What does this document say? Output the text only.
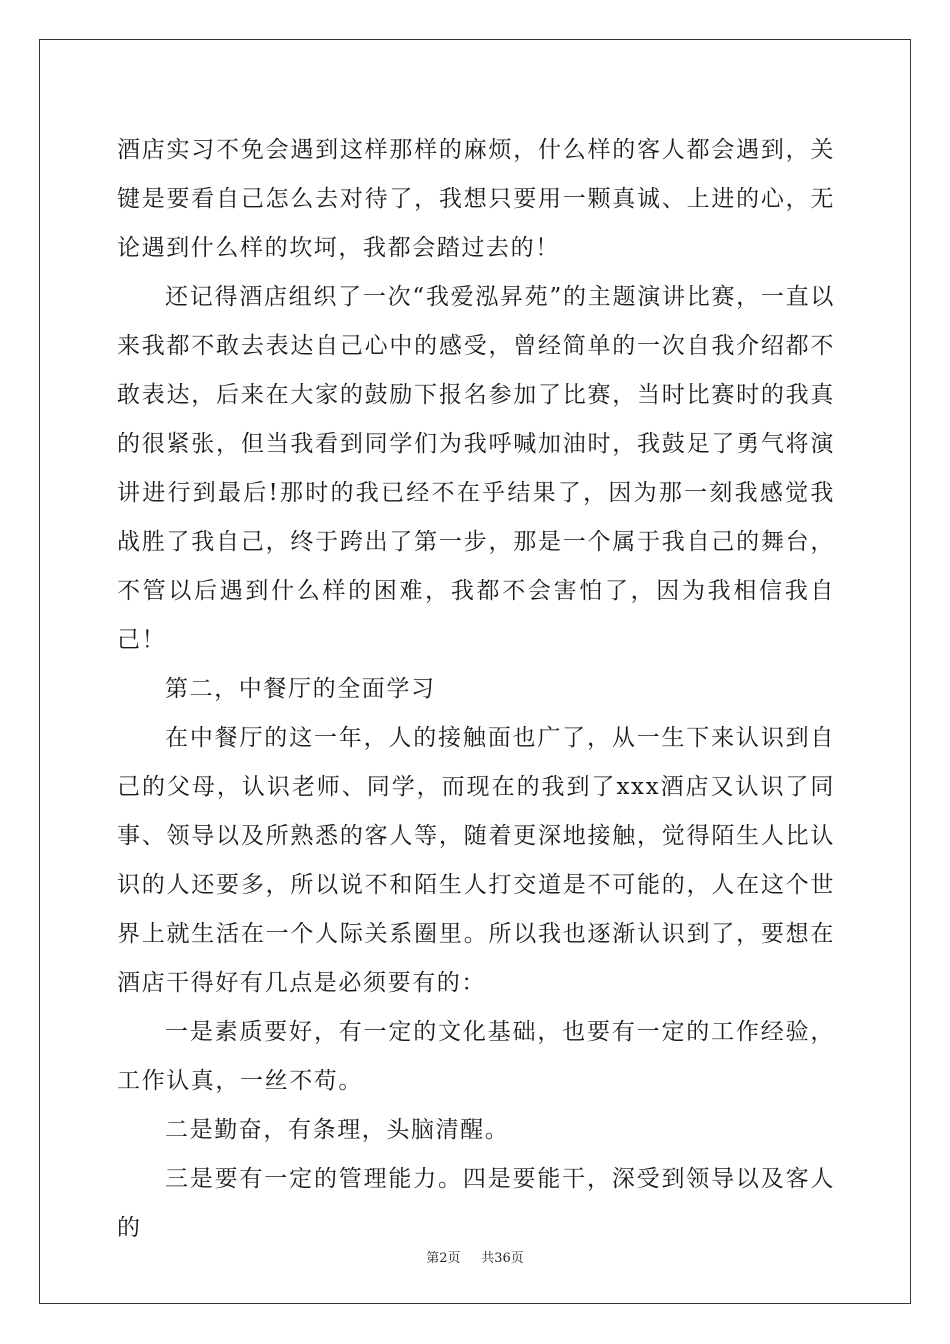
酒店实习不免会遇到这样那样的麻烦，什么样的客人都会遇到，关键是要看自己怎么去对待了，我想只要用一颗真诚、上进的心，无论遇到什么样的坎坷，我都会踏过去的！

还记得酒店组织了一次“我爱泓昇苑”的主题演讲比赛，一直以来我都不敢去表达自己心中的感受，曾经简单的一次自我介绍都不敢表达，后来在大家的鼓励下报名参加了比赛，当时比赛时的我真的很紧张，但当我看到同学们为我呼喊加油时，我鼓足了勇气将演讲进行到最后!那时的我已经不在乎结果了，因为那一刻我感觉我战胜了我自己，终于跨出了第一步，那是一个属于我自己的舞台，不管以后遇到什么样的困难，我都不会害怕了，因为我相信我自己！

第二，中餐厅的全面学习

在中餐厅的这一年，人的接触面也广了，从一生下来认识到自己的父母，认识老师、同学，而现在的我到了xxx酒店又认识了同事、领导以及所熟悉的客人等，随着更深地接触，觉得陌生人比认识的人还要多，所以说不和陌生人打交道是不可能的，人在这个世界上就生活在一个人际关系圈里。所以我也逐渐认识到了，要想在酒店干得好有几点是必须要有的：

一是素质要好，有一定的文化基础，也要有一定的工作经验，工作认真，一丝不苟。

二是勤奋，有条理，头脑清醒。

三是要有一定的管理能力。四是要能干，深受到领导以及客人的

第2页 共36页
